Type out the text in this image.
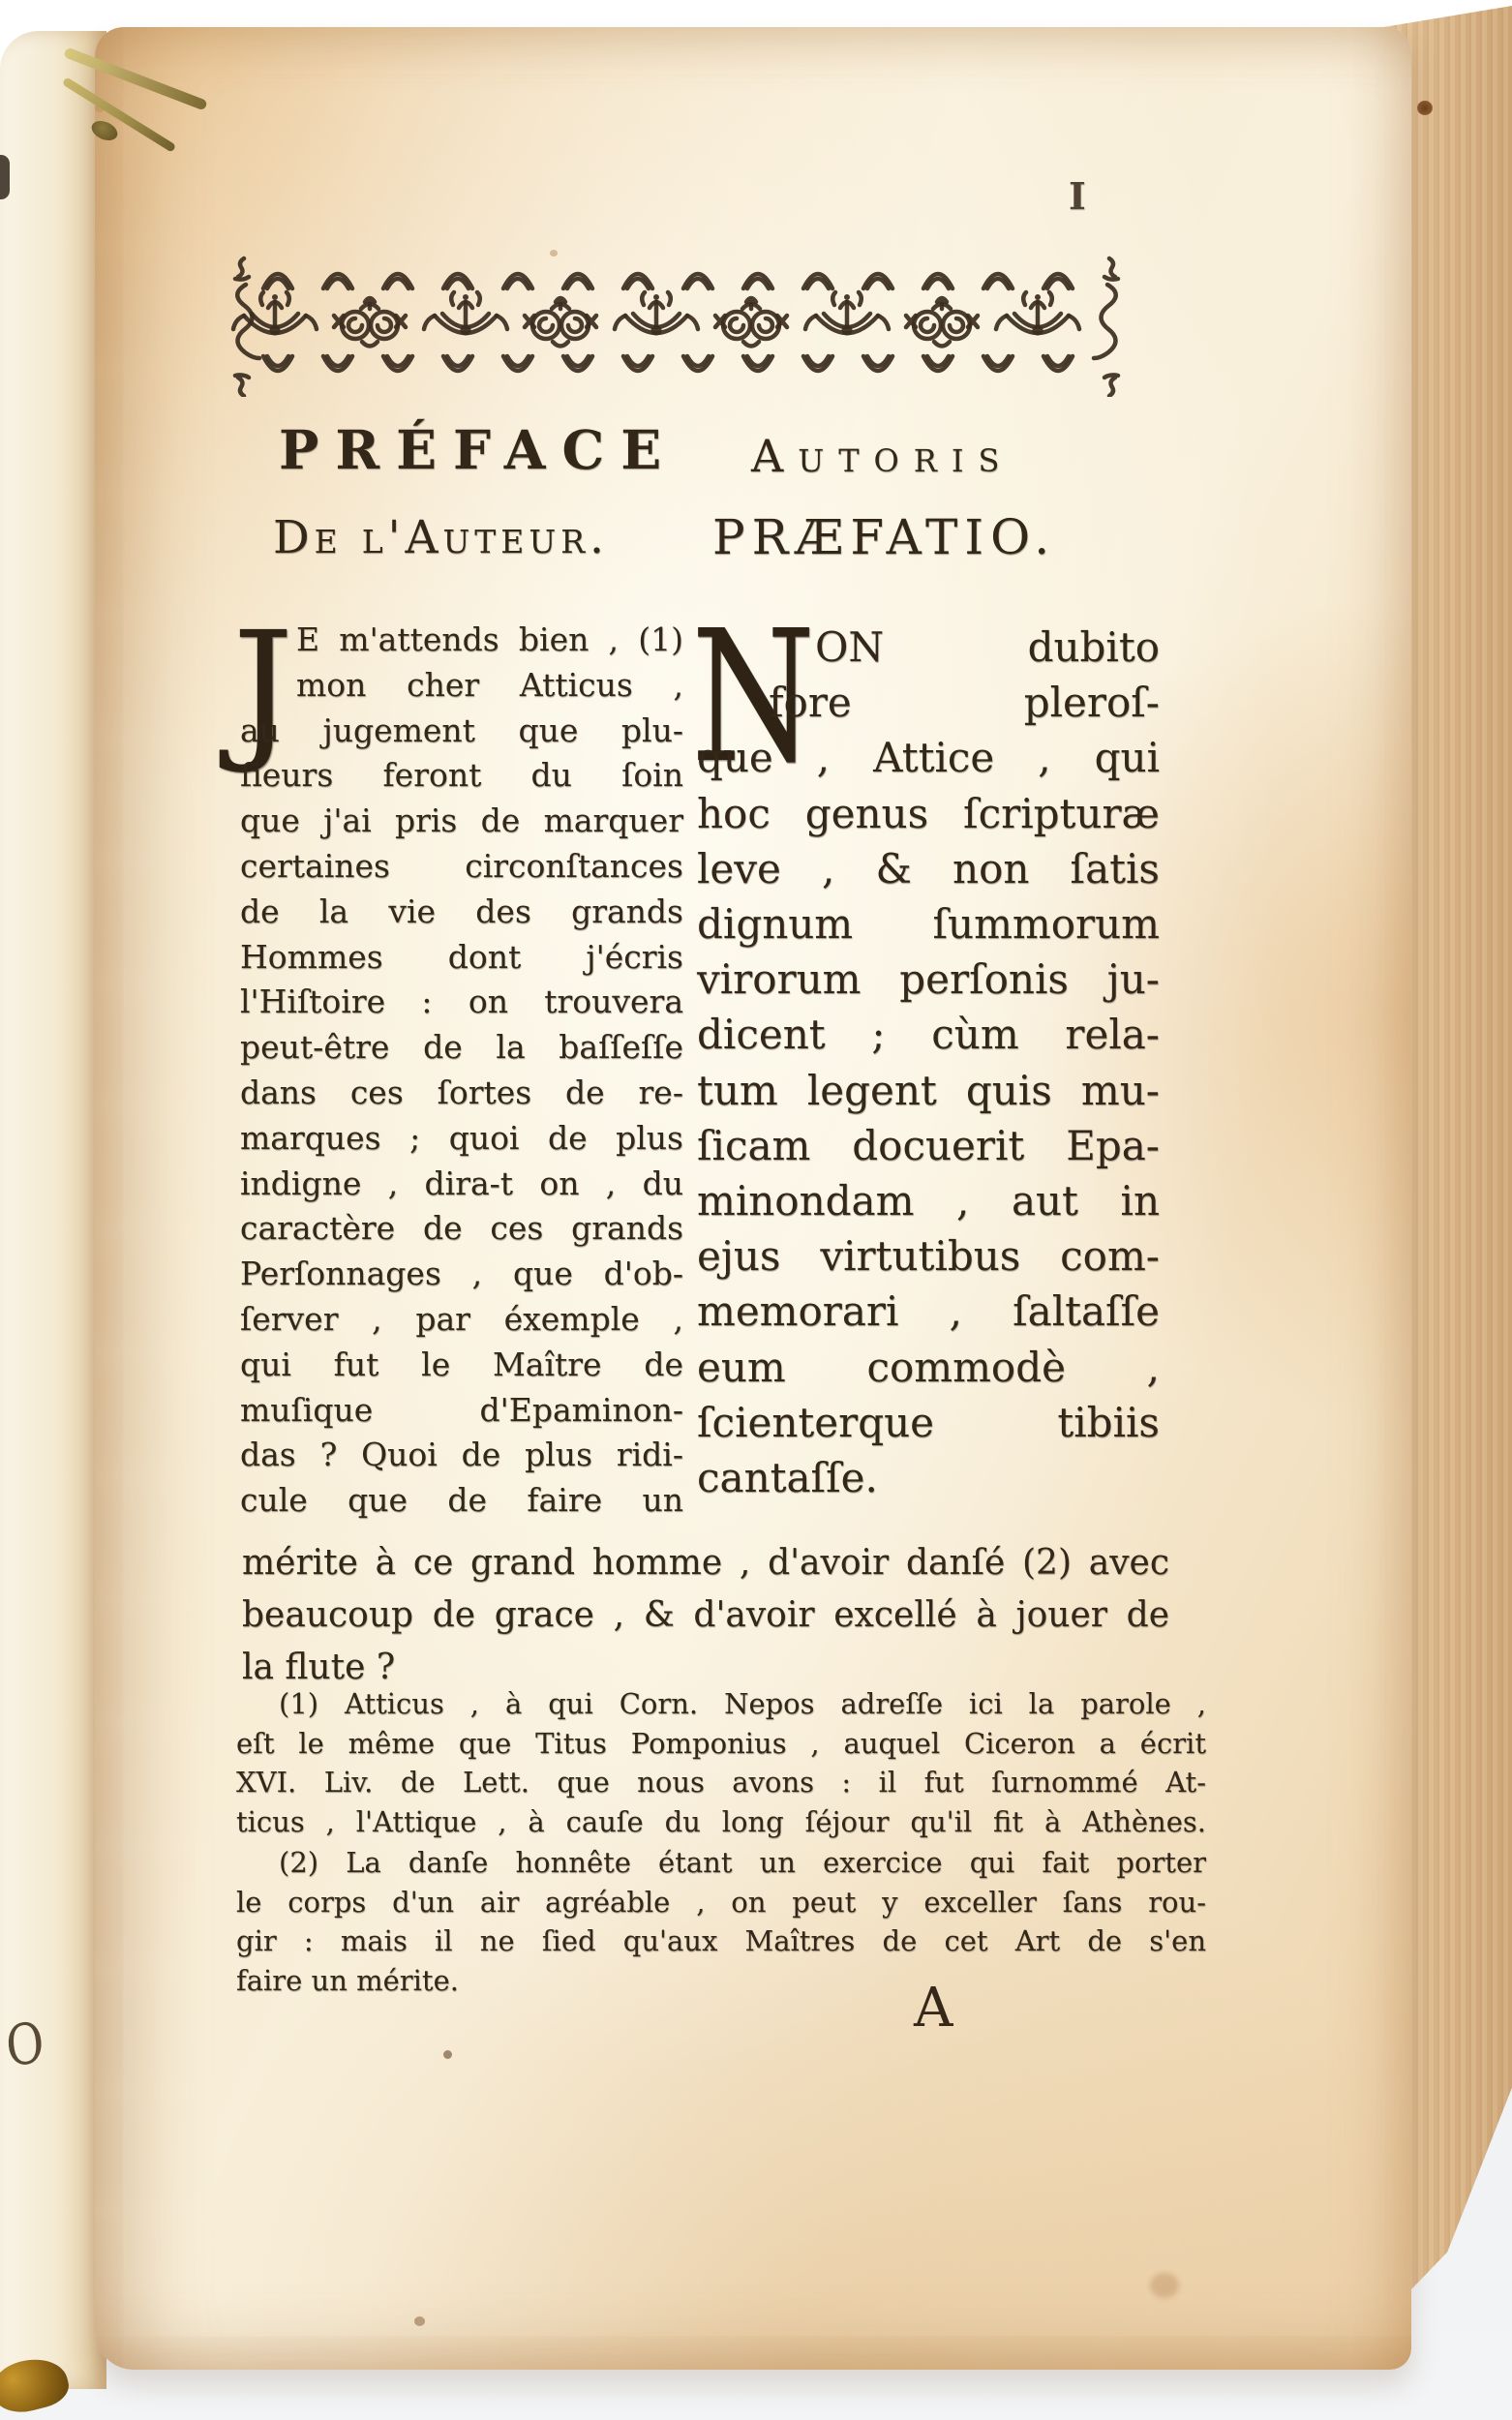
O
I
PRÉFACE Autoris
De l'Auteur. PRÆFATIO.
J N
E m'attends bien , (1)
mon cher Atticus ,
au jugement que plu-
ſieurs feront du ſoin
que j'ai pris de marquer
certaines circonſtances
de la vie des grands
Hommes dont j'écris
l'Hiſtoire : on trouvera
peut-être de la baſſeſſe
dans ces ſortes de re-
marques ; quoi de plus
indigne , dira-t on , du
caractère de ces grands
Perſonnages , que d'ob-
ſerver , par éxemple ,
qui fut le Maître de
muſique d'Epaminon-
das ? Quoi de plus ridi-
cule que de faire un
ON dubito
fore pleroſ-
que , Attice , qui
hoc genus ſcripturæ
leve , & non ſatis
dignum ſummorum
virorum perſonis ju-
dicent ; cùm rela-
tum legent quis mu-
ſicam docuerit Epa-
minondam , aut in
ejus virtutibus com-
memorari , ſaltaſſe
eum commodè ,
ſcienterque tibiis
cantaſſe.
mérite à ce grand homme , d'avoir danſé (2) avec
beaucoup de grace , & d'avoir excellé à jouer de
la flute ?
(1) Atticus , à qui Corn. Nepos adreſſe ici la parole ,
eſt le même que Titus Pomponius , auquel Ciceron a écrit
XVI. Liv. de Lett. que nous avons : il fut ſurnommé At-
ticus , l'Attique , à cauſe du long ſéjour qu'il fit à Athènes.
(2) La danſe honnête étant un exercice qui fait porter
le corps d'un air agréable , on peut y exceller ſans rou-
gir : mais il ne ſied qu'aux Maîtres de cet Art de s'en
faire un mérite.	A
